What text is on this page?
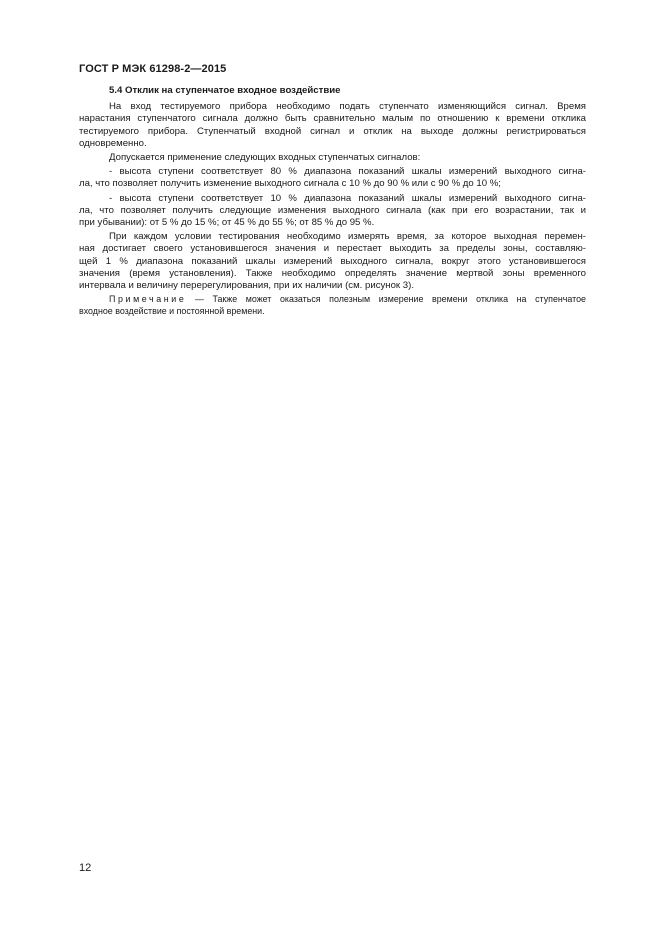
ГОСТ Р МЭК 61298-2—2015
5.4 Отклик на ступенчатое входное воздействие
На вход тестируемого прибора необходимо подать ступенчато изменяющийся сигнал. Время
нарастания ступенчатого сигнала должно быть сравнительно малым по отношению к времени отклика
тестируемого прибора. Ступенчатый входной сигнал и отклик на выходе должны регистрироваться
одновременно.
Допускается применение следующих входных ступенчатых сигналов:
- высота ступени соответствует 80 % диапазона показаний шкалы измерений выходного сигна-
ла, что позволяет получить изменение выходного сигнала с 10 % до 90 % или с 90 % до 10 %;
- высота ступени соответствует 10 % диапазона показаний шкалы измерений выходного сигна-
ла, что позволяет получить следующие изменения выходного сигнала (как при его возрастании, так и
при убывании): от 5 % до 15 %; от 45 % до 55 %; от 85 % до 95 %.
При каждом условии тестирования необходимо измерять время, за которое выходная перемен-
ная достигает своего установившегося значения и перестает выходить за пределы зоны, составляю-
щей 1 % диапазона показаний шкалы измерений выходного сигнала, вокруг этого установившегося
значения (время установления). Также необходимо определять значение мертвой зоны временного
интервала и величину перерегулирования, при их наличии (см. рисунок 3).
Примечание — Также может оказаться полезным измерение времени отклика на ступенчатое
входное воздействие и постоянной времени.
12
